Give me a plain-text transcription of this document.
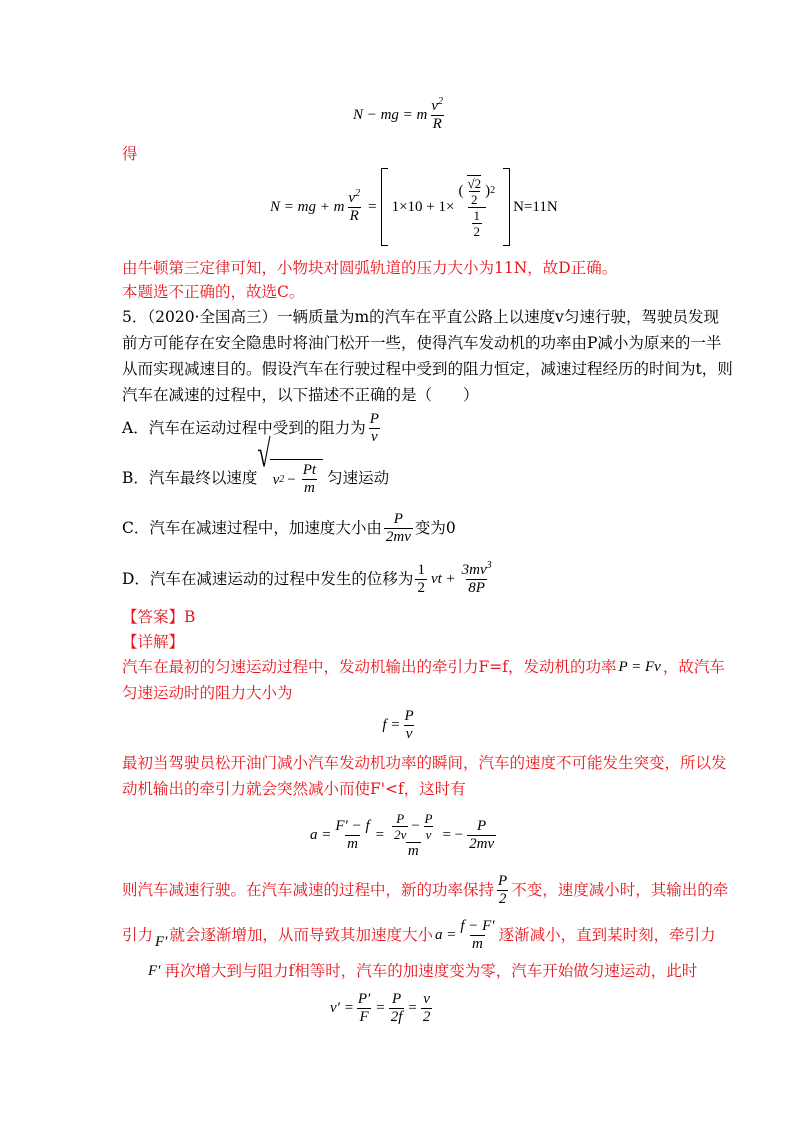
N − mg = m $\frac{v^2}{R}$
得
N = mg + m $\frac{v^2}{R} = 1\times 10 + 1\times \frac{( \frac{√2}{2} ) 2}{\frac{1}{2}} N=11N$
由牛顿第三定律可知，小物块对圆弧轨道的压力大小为11N，故D正确。
本题选不正确的，故选C。
5．（2020·全国高三）一辆质量为m的汽车在平直公路上以速度v匀速行驶，驾驶员发现
前方可能存在安全隐患时将油门松开一些，使得汽车发动机的功率由P减小为原来的一半
从而实现减速目的。假设汽车在行驶过程中受到的阻力恒定，减速过程经历的时间为t，则
汽车在减速的过程中，以下描述不正确的是（　　）
A．汽车在运动过程中受到的阻力为 $\frac{P}{v}$
B．汽车最终以速度
√
v $2 - \frac{Pt}{m}$ 匀速运动
C．汽车在减速过程中，加速度大小由 $\frac{P}{2mv}$ 变为0
D．汽车在减速运动的过程中发生的位移为 $\frac{1}{2}$ vt + $\frac{3mv^3}{8P}$
【答案】B
【详解】
汽车在最初的匀速运动过程中，发动机输出的牵引力F=f，发动机的功率 P = Fv ，故汽车
匀速运动时的阻力大小为
$f = \frac{P}{v}$
最初当驾驶员松开油门减小汽车发动机功率的瞬间，汽车的速度不可能发生突变，所以发
动机输出的牵引力就会突然减小而使F'<f，这时有
$a = \frac{F' - f}{m} = \frac{\frac{P}{2v} - \frac{P}{v}}{m}$ = − $\frac{P}{2mv}$
则汽车减速行驶。在汽车减速的过程中，新的功率保持 $\frac{P}{2}$ 不变，速度减小时，其输出的牵
引力 F′ 就会逐渐增加，从而导致其加速度大小 $a = \frac{f - F'}{m}$ 逐渐减小，直到某时刻，牵引力
F′ 再次增大到与阻力f相等时，汽车的加速度变为零，汽车开始做匀速运动，此时
$v' = \frac{P'}{F} = \frac{P}{2f} = \frac{v}{2}$
